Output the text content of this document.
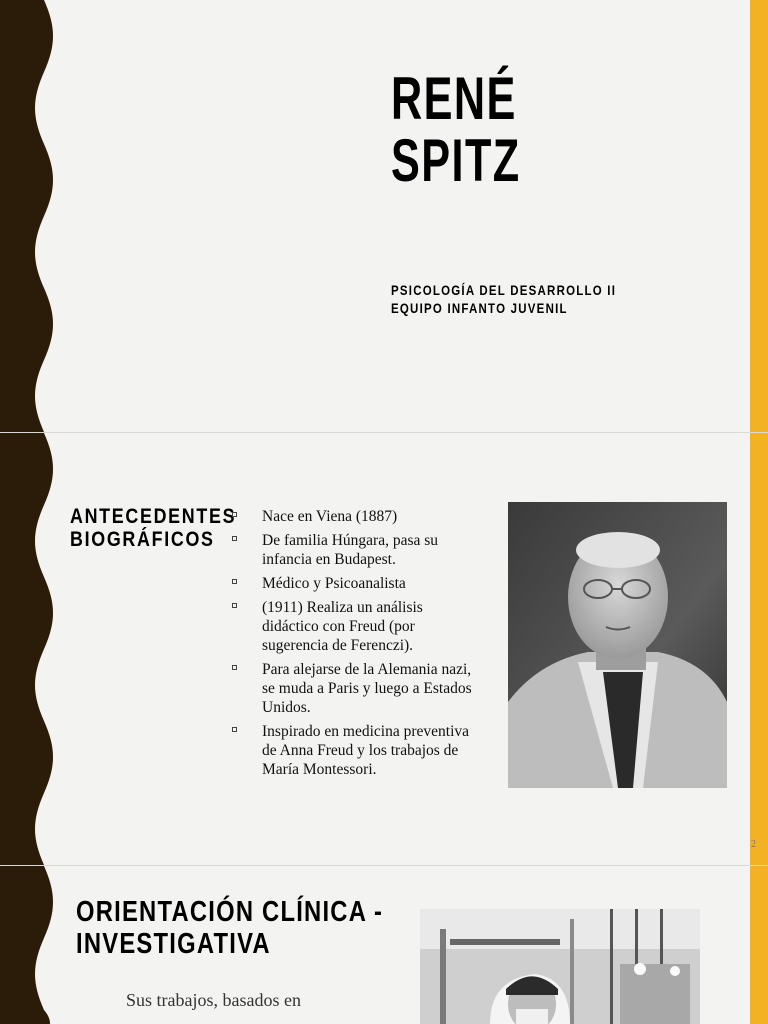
RENÉ
SPITZ
PSICOLOGÍA DEL DESARROLLO II
EQUIPO INFANTO JUVENIL
ANTECEDENTES
BIOGRÁFICOS
Nace en Viena (1887)
De familia Húngara, pasa su infancia en Budapest.
Médico y Psicoanalista
(1911) Realiza un análisis didáctico con Freud (por sugerencia de Ferenczi).
Para alejarse de la Alemania nazi, se muda a Paris y luego a Estados Unidos.
Inspirado en medicina preventiva de Anna Freud y los trabajos de María Montessori.
2
ORIENTACIÓN CLÍNICA -
INVESTIGATIVA
Sus trabajos, basados en
